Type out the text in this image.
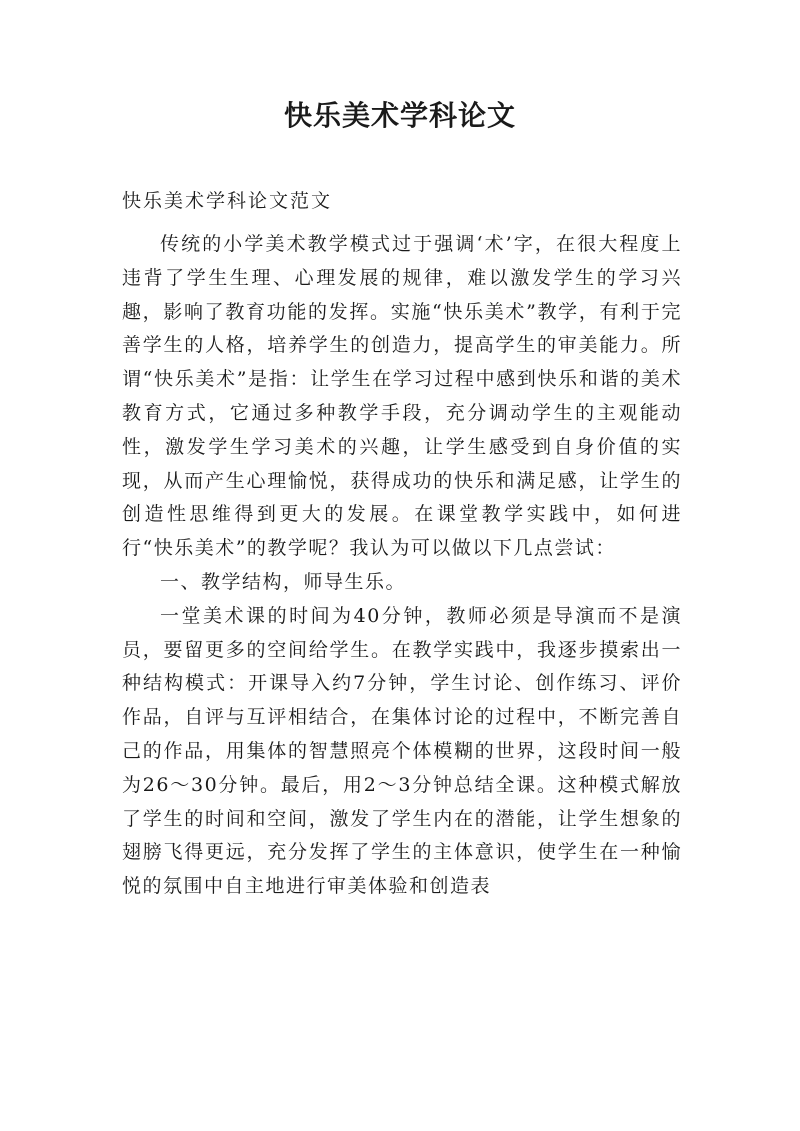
快乐美术学科论文
快乐美术学科论文范文

传统的小学美术教学模式过于强调‘术’字，在很大程度上违背了学生生理、心理发展的规律，难以激发学生的学习兴趣，影响了教育功能的发挥。实施“快乐美术”教学，有利于完善学生的人格，培养学生的创造力，提高学生的审美能力。所谓“快乐美术”是指：让学生在学习过程中感到快乐和谐的美术教育方式，它通过多种教学手段，充分调动学生的主观能动性，激发学生学习美术的兴趣，让学生感受到自身价值的实现，从而产生心理愉悦，获得成功的快乐和满足感，让学生的创造性思维得到更大的发展。在课堂教学实践中，如何进行“快乐美术”的教学呢？我认为可以做以下几点尝试：

一、教学结构，师导生乐。

一堂美术课的时间为40分钟，教师必须是导演而不是演员，要留更多的空间给学生。在教学实践中，我逐步摸索出一种结构模式：开课导入约7分钟，学生讨论、创作练习、评价作品，自评与互评相结合，在集体讨论的过程中，不断完善自己的作品，用集体的智慧照亮个体模糊的世界，这段时间一般为26～30分钟。最后，用2～3分钟总结全课。这种模式解放了学生的时间和空间，激发了学生内在的潜能，让学生想象的翅膀飞得更远，充分发挥了学生的主体意识，使学生在一种愉悦的氛围中自主地进行审美体验和创造表
